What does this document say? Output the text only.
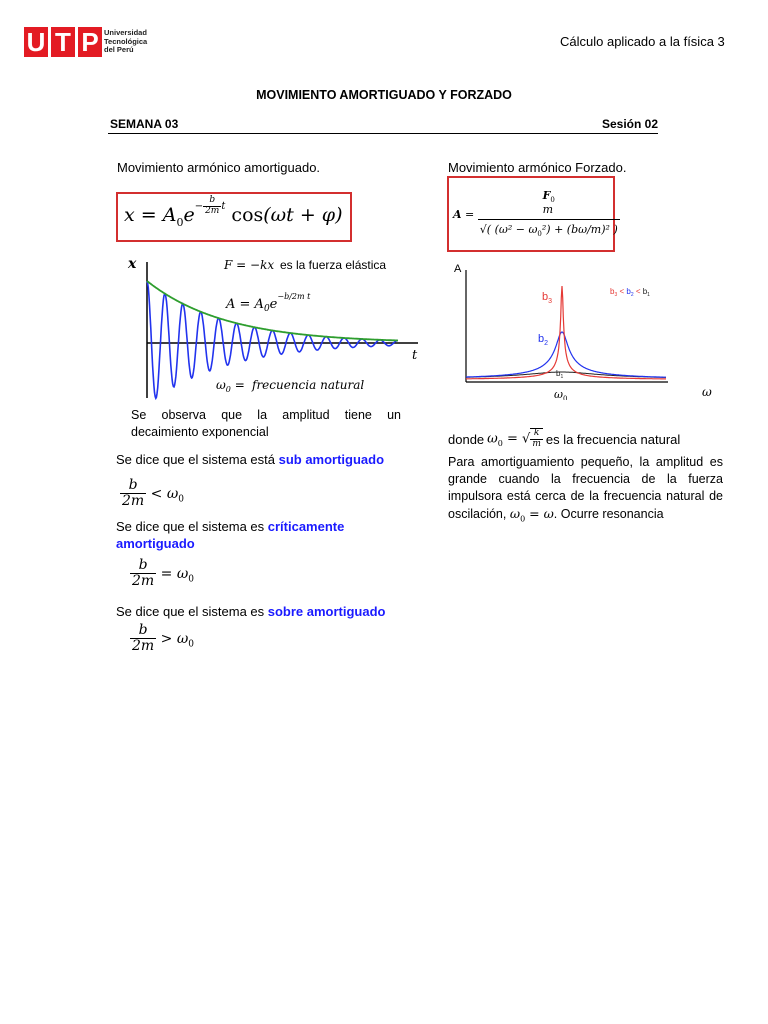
U T P Universidad
Tecnológica
del Perú
Cálculo aplicado a la física 3
MOVIMIENTO AMORTIGUADO Y FORZADO
SEMANA 03	Sesión 02
Movimiento armónico amortiguado.
$x = A_0e- \frac{b}{2m}$ t cos(ωt + φ)
x
t
F = −kx es la fuerza elástica
$A = A_0e^{-b/2m t}$
$\omega_0$ = frecuencia natural
Se observa que la amplitud tiene un decaimiento exponencial
Se dice que el sistema está sub amortiguado
$\frac{b}{2m} < \omega_0$
Se dice que el sistema es críticamente amortiguado
$\frac{b}{2m} = \omega_0$
Se dice que el sistema es sobre amortiguado
$\frac{b}{2m} > \omega_0$
Movimiento armónico Forzado.
A =
$F_0$
m
√( $(\omega^2 - \omega_0^2) + (b\omega/m)^2$ )
A
ω
$\omega_0$
$b_3$
$b_2$
$b_1$
$b_3 < b_2 < b_1$
donde $\omega_0$ = √ $\frac{k}{m}$ es la frecuencia natural
Para amortiguamiento pequeño, la amplitud es grande cuando la frecuencia de la fuerza impulsora está cerca de la frecuencia natural de oscilación, $\omega_0 = \omega$. Ocurre resonancia
